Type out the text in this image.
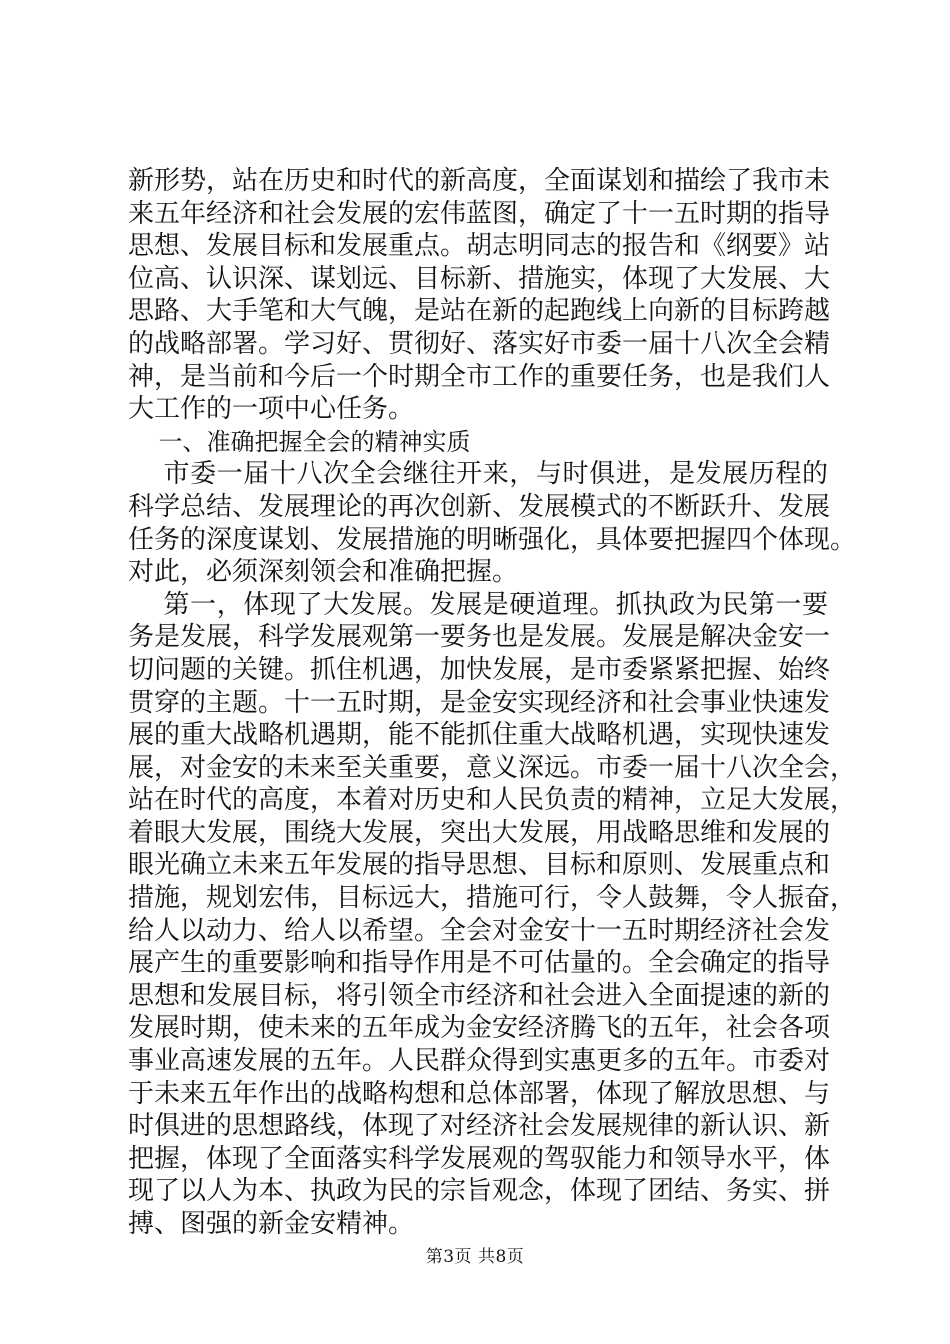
新形势，站在历史和时代的新高度，全面谋划和描绘了我市未
来五年经济和社会发展的宏伟蓝图，确定了十一五时期的指导
思想、发展目标和发展重点。胡志明同志的报告和《纲要》站
位高、认识深、谋划远、目标新、措施实，体现了大发展、大
思路、大手笔和大气魄，是站在新的起跑线上向新的目标跨越
的战略部署。学习好、贯彻好、落实好市委一届十八次全会精
神，是当前和今后一个时期全市工作的重要任务，也是我们人
大工作的一项中心任务。
一、准确把握全会的精神实质
市委一届十八次全会继往开来，与时俱进，是发展历程的
科学总结、发展理论的再次创新、发展模式的不断跃升、发展
任务的深度谋划、发展措施的明晰强化，具体要把握四个体现。
对此，必须深刻领会和准确把握。
第一，体现了大发展。发展是硬道理。抓执政为民第一要
务是发展，科学发展观第一要务也是发展。发展是解决金安一
切问题的关键。抓住机遇，加快发展，是市委紧紧把握、始终
贯穿的主题。十一五时期，是金安实现经济和社会事业快速发
展的重大战略机遇期，能不能抓住重大战略机遇，实现快速发
展，对金安的未来至关重要，意义深远。市委一届十八次全会，
站在时代的高度，本着对历史和人民负责的精神，立足大发展，
着眼大发展，围绕大发展，突出大发展，用战略思维和发展的
眼光确立未来五年发展的指导思想、目标和原则、发展重点和
措施，规划宏伟，目标远大，措施可行，令人鼓舞，令人振奋，
给人以动力、给人以希望。全会对金安十一五时期经济社会发
展产生的重要影响和指导作用是不可估量的。全会确定的指导
思想和发展目标，将引领全市经济和社会进入全面提速的新的
发展时期，使未来的五年成为金安经济腾飞的五年，社会各项
事业高速发展的五年。人民群众得到实惠更多的五年。市委对
于未来五年作出的战略构想和总体部署，体现了解放思想、与
时俱进的思想路线，体现了对经济社会发展规律的新认识、新
把握，体现了全面落实科学发展观的驾驭能力和领导水平，体
现了以人为本、执政为民的宗旨观念，体现了团结、务实、拼
搏、图强的新金安精神。
第3页 共8页
